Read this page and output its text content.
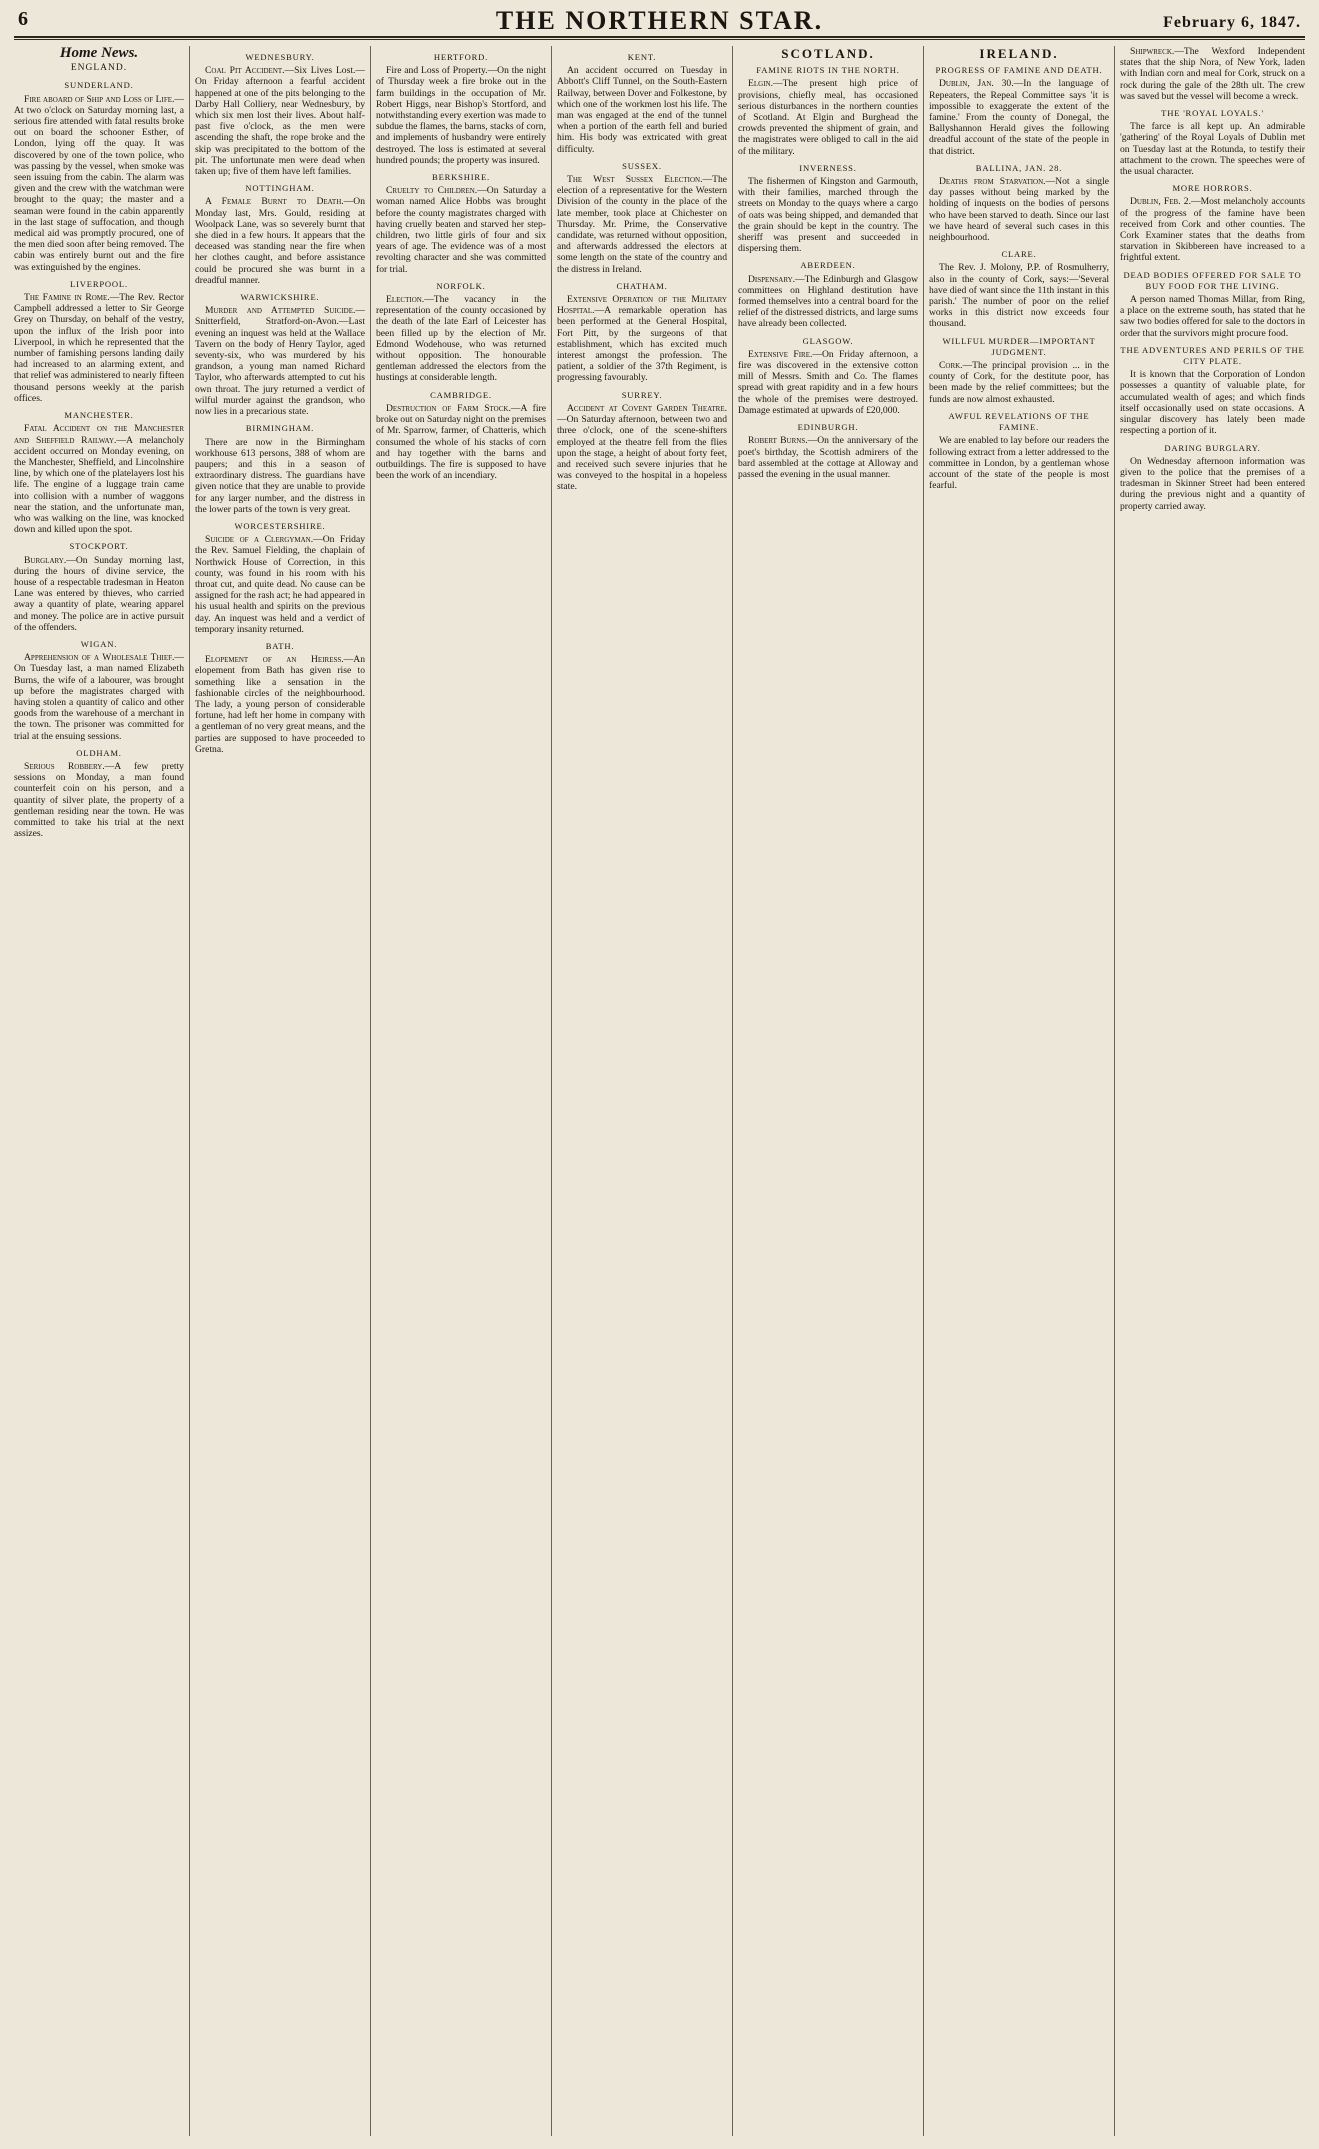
6	THE NORTHERN STAR.	February 6, 1847.
Home News.
ENGLAND.
SUNDERLAND.

Fire aboard of Ship and Loss of Life.—At two o'clock on Saturday morning last, a serious fire attended with fatal results broke out on board the schooner Esther, of London, lying off the quay. It was discovered by one of the town police, who was passing by the vessel, when smoke was seen issuing from the cabin. The alarm was given and the crew with the watchman were brought to the quay; the master and a seaman were found in the cabin apparently in the last stage of suffocation, and though medical aid was promptly procured, one of the men died soon after being removed. The cabin was entirely burnt out and the fire was extinguished by the engines.

LIVERPOOL.

The Famine in Rome.—The Rev. Rector Campbell addressed a letter to Sir George Grey on Thursday, on behalf of the vestry, upon the influx of the Irish poor into Liverpool, in which he represented that the number of famishing persons landing daily had increased to an alarming extent, and that relief was administered to nearly fifteen thousand persons weekly at the parish offices.

MANCHESTER.

Fatal Accident on the Manchester and Sheffield Railway.—A melancholy accident occurred on Monday evening, on the Manchester, Sheffield, and Lincolnshire line, by which one of the platelayers lost his life. The engine of a luggage train came into collision with a number of waggons near the station, and the unfortunate man, who was walking on the line, was knocked down and killed upon the spot.

STOCKPORT.

Burglary.—On Sunday morning last, during the hours of divine service, the house of a respectable tradesman in Heaton Lane was entered by thieves, who carried away a quantity of plate, wearing apparel and money. The police are in active pursuit of the offenders.

WIGAN.

Apprehension of a Wholesale Thief.—On Tuesday last, a man named Elizabeth Burns, the wife of a labourer, was brought up before the magistrates charged with having stolen a quantity of calico and other goods from the warehouse of a merchant in the town. The prisoner was committed for trial at the ensuing sessions.

OLDHAM.

Serious Robbery.—A few pretty sessions on Monday, a man found counterfeit coin on his person, and a quantity of silver plate, the property of a gentleman residing near the town. He was committed to take his trial at the next assizes.

WEDNESBURY.

Coal Pit Accident.—Six Lives Lost.—On Friday afternoon a fearful accident happened at one of the pits belonging to the Darby Hall Colliery, near Wednesbury, by which six men lost their lives. About half-past five o'clock, as the men were ascending the shaft, the rope broke and the skip was precipitated to the bottom of the pit. The unfortunate men were dead when taken up; five of them have left families.

NOTTINGHAM.

A Female Burnt to Death.—On Monday last, Mrs. Gould, residing at Woolpack Lane, was so severely burnt that she died in a few hours. It appears that the deceased was standing near the fire when her clothes caught, and before assistance could be procured she was burnt in a dreadful manner.

WARWICKSHIRE.

Murder and Attempted Suicide.—Snitterfield, Stratford-on-Avon.—Last evening an inquest was held at the Wallace Tavern on the body of Henry Taylor, aged seventy-six, who was murdered by his grandson, a young man named Richard Taylor, who afterwards attempted to cut his own throat. The jury returned a verdict of wilful murder against the grandson, who now lies in a precarious state.

BIRMINGHAM.

There are now in the Birmingham workhouse 613 persons, 388 of whom are paupers; and this in a season of extraordinary distress. The guardians have given notice that they are unable to provide for any larger number, and the distress in the lower parts of the town is very great.

WORCESTERSHIRE.

Suicide of a Clergyman.—On Friday the Rev. Samuel Fielding, the chaplain of Northwick House of Correction, in this county, was found in his room with his throat cut, and quite dead. No cause can be assigned for the rash act; he had appeared in his usual health and spirits on the previous day. An inquest was held and a verdict of temporary insanity returned.

BATH.

Elopement of an Heiress.—An elopement from Bath has given rise to something like a sensation in the fashionable circles of the neighbourhood. The lady, a young person of considerable fortune, had left her home in company with a gentleman of no very great means, and the parties are supposed to have proceeded to Gretna.

HERTFORD.

Fire and Loss of Property.—On the night of Thursday week a fire broke out in the farm buildings in the occupation of Mr. Robert Higgs, near Bishop's Stortford, and notwithstanding every exertion was made to subdue the flames, the barns, stacks of corn, and implements of husbandry were entirely destroyed. The loss is estimated at several hundred pounds; the property was insured.

BERKSHIRE.

Cruelty to Children.—On Saturday a woman named Alice Hobbs was brought before the county magistrates charged with having cruelly beaten and starved her step-children, two little girls of four and six years of age. The evidence was of a most revolting character and she was committed for trial.

NORFOLK.

Election.—The vacancy in the representation of the county occasioned by the death of the late Earl of Leicester has been filled up by the election of Mr. Edmond Wodehouse, who was returned without opposition. The honourable gentleman addressed the electors from the hustings at considerable length.

CAMBRIDGE.

Destruction of Farm Stock.—A fire broke out on Saturday night on the premises of Mr. Sparrow, farmer, of Chatteris, which consumed the whole of his stacks of corn and hay together with the barns and outbuildings. The fire is supposed to have been the work of an incendiary.

KENT.

An accident occurred on Tuesday in Abbott's Cliff Tunnel, on the South-Eastern Railway, between Dover and Folkestone, by which one of the workmen lost his life. The man was engaged at the end of the tunnel when a portion of the earth fell and buried him. His body was extricated with great difficulty.

SUSSEX.

The West Sussex Election.—The election of a representative for the Western Division of the county in the place of the late member, took place at Chichester on Thursday. Mr. Prime, the Conservative candidate, was returned without opposition, and afterwards addressed the electors at some length on the state of the country and the distress in Ireland.

CHATHAM.

Extensive Operation of the Military Hospital.—A remarkable operation has been performed at the General Hospital, Fort Pitt, by the surgeons of that establishment, which has excited much interest amongst the profession. The patient, a soldier of the 37th Regiment, is progressing favourably.

SURREY.

Accident at Covent Garden Theatre.—On Saturday afternoon, between two and three o'clock, one of the scene-shifters employed at the theatre fell from the flies upon the stage, a height of about forty feet, and received such severe injuries that he was conveyed to the hospital in a hopeless state.

SCOTLAND.
FAMINE RIOTS IN THE NORTH.

Elgin.—The present high price of provisions, chiefly meal, has occasioned serious disturbances in the northern counties of Scotland. At Elgin and Burghead the crowds prevented the shipment of grain, and the magistrates were obliged to call in the aid of the military.

INVERNESS.

The fishermen of Kingston and Garmouth, with their families, marched through the streets on Monday to the quays where a cargo of oats was being shipped, and demanded that the grain should be kept in the country. The sheriff was present and succeeded in dispersing them.

ABERDEEN.

Dispensary.—The Edinburgh and Glasgow committees on Highland destitution have formed themselves into a central board for the relief of the distressed districts, and large sums have already been collected.

GLASGOW.

Extensive Fire.—On Friday afternoon, a fire was discovered in the extensive cotton mill of Messrs. Smith and Co. The flames spread with great rapidity and in a few hours the whole of the premises were destroyed. Damage estimated at upwards of £20,000.

EDINBURGH.

Robert Burns.—On the anniversary of the poet's birthday, the Scottish admirers of the bard assembled at the cottage at Alloway and passed the evening in the usual manner.

IRELAND.
PROGRESS OF FAMINE AND DEATH.

Dublin, Jan. 30.—In the language of Repeaters, the Repeal Committee says 'it is impossible to exaggerate the extent of the famine.' From the county of Donegal, the Ballyshannon Herald gives the following dreadful account of the state of the people in that district.

BALLINA, JAN. 28.

Deaths from Starvation.—Not a single day passes without being marked by the holding of inquests on the bodies of persons who have been starved to death. Since our last we have heard of several such cases in this neighbourhood.

CLARE.

The Rev. J. Molony, P.P. of Rosmulherry, also in the county of Cork, says:—'Several have died of want since the 11th instant in this parish.' The number of poor on the relief works in this district now exceeds four thousand.

WILLFUL MURDER—IMPORTANT JUDGMENT.

Cork.—The principal provision ... in the county of Cork, for the destitute poor, has been made by the relief committees; but the funds are now almost exhausted.

AWFUL REVELATIONS OF THE FAMINE.

We are enabled to lay before our readers the following extract from a letter addressed to the committee in London, by a gentleman whose account of the state of the people is most fearful.

Shipwreck.—The Wexford Independent states that the ship Nora, of New York, laden with Indian corn and meal for Cork, struck on a rock during the gale of the 28th ult. The crew was saved but the vessel will become a wreck.

THE 'ROYAL LOYALS.'

The farce is all kept up. An admirable 'gathering' of the Royal Loyals of Dublin met on Tuesday last at the Rotunda, to testify their attachment to the crown. The speeches were of the usual character.

MORE HORRORS.

Dublin, Feb. 2.—Most melancholy accounts of the progress of the famine have been received from Cork and other counties. The Cork Examiner states that the deaths from starvation in Skibbereen have increased to a frightful extent.

DEAD BODIES OFFERED FOR SALE TO BUY FOOD FOR THE LIVING.

A person named Thomas Millar, from Ring, a place on the extreme south, has stated that he saw two bodies offered for sale to the doctors in order that the survivors might procure food.

THE ADVENTURES AND PERILS OF THE CITY PLATE.

It is known that the Corporation of London possesses a quantity of valuable plate, for accumulated wealth of ages; and which finds itself occasionally used on state occasions. A singular discovery has lately been made respecting a portion of it.

DARING BURGLARY.

On Wednesday afternoon information was given to the police that the premises of a tradesman in Skinner Street had been entered during the previous night and a quantity of property carried away.
